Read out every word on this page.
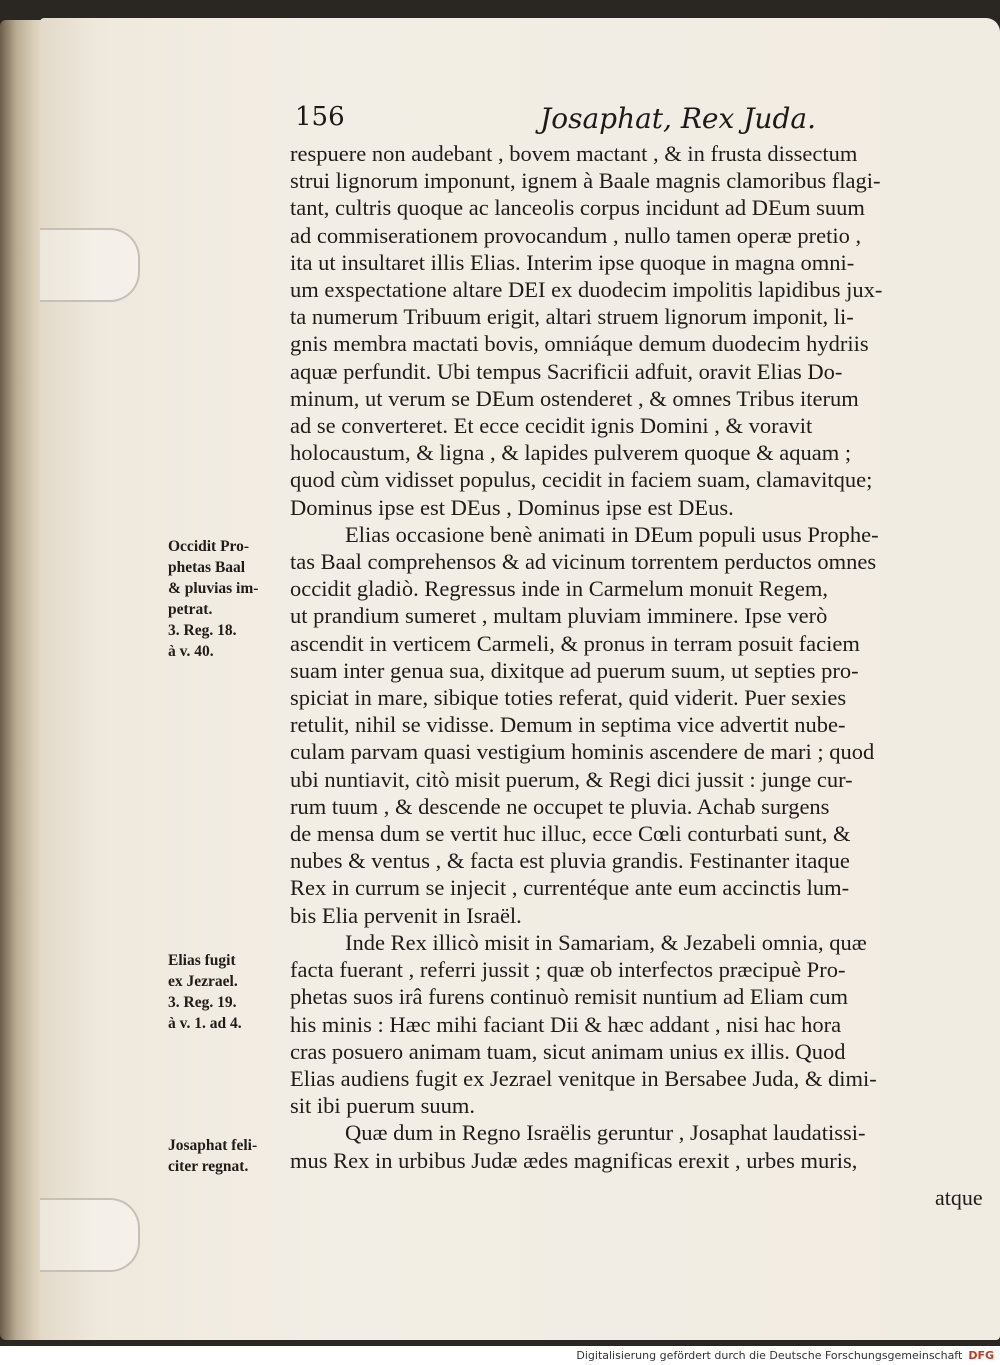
156	Josaphat, Rex Juda.
respuere non audebant , bovem mactant , & in frusta dissectum
strui lignorum imponunt, ignem à Baale magnis clamoribus flagi-
tant, cultris quoque ac lanceolis corpus incidunt ad DEum suum
ad commiserationem provocandum , nullo tamen operæ pretio ,
ita ut insultaret illis Elias. Interim ipse quoque in magna omni-
um exspectatione altare DEI ex duodecim impolitis lapidibus jux-
ta numerum Tribuum erigit, altari struem lignorum imponit, li-
gnis membra mactati bovis, omniáque demum duodecim hydriis
aquæ perfundit. Ubi tempus Sacrificii adfuit, oravit Elias Do-
minum, ut verum se DEum ostenderet , & omnes Tribus iterum
ad se converteret. Et ecce cecidit ignis Domini , & voravit
holocaustum, & ligna , & lapides pulverem quoque & aquam ;
quod cùm vidisset populus, cecidit in faciem suam, clamavitque;
Dominus ipse est DEus , Dominus ipse est DEus.
Elias occasione benè animati in DEum populi usus Prophe-
tas Baal comprehensos & ad vicinum torrentem perductos omnes
occidit gladiò. Regressus inde in Carmelum monuit Regem,
ut prandium sumeret , multam pluviam imminere. Ipse verò
ascendit in verticem Carmeli, & pronus in terram posuit faciem
suam inter genua sua, dixitque ad puerum suum, ut septies pro-
spiciat in mare, sibique toties referat, quid viderit. Puer sexies
retulit, nihil se vidisse. Demum in septima vice advertit nube-
culam parvam quasi vestigium hominis ascendere de mari ; quod
ubi nuntiavit, citò misit puerum, & Regi dici jussit : junge cur-
rum tuum , & descende ne occupet te pluvia. Achab surgens
de mensa dum se vertit huc illuc, ecce Cœli conturbati sunt, &
nubes & ventus , & facta est pluvia grandis. Festinanter itaque
Rex in currum se injecit , currentéque ante eum accinctis lum-
bis Elia pervenit in Israël.
Inde Rex illicò misit in Samariam, & Jezabeli omnia, quæ
facta fuerant , referri jussit ; quæ ob interfectos præcipuè Pro-
phetas suos irâ furens continuò remisit nuntium ad Eliam cum
his minis : Hæc mihi faciant Dii & hæc addant , nisi hac hora
cras posuero animam tuam, sicut animam unius ex illis. Quod
Elias audiens fugit ex Jezrael venitque in Bersabee Juda, & dimi-
sit ibi puerum suum.
Quæ dum in Regno Israëlis geruntur , Josaphat laudatissi-
mus Rex in urbibus Judæ ædes magnificas erexit , urbes muris,
Occidit Pro-
phetas Baal
& pluvias im-
petrat.
3. Reg. 18.
à v. 40.
Elias fugit
ex Jezrael.
3. Reg. 19.
à v. 1. ad 4.
Josaphat feli-
citer regnat.
atque
Digitalisierung gefördert durch die Deutsche Forschungsgemeinschaft DFG
